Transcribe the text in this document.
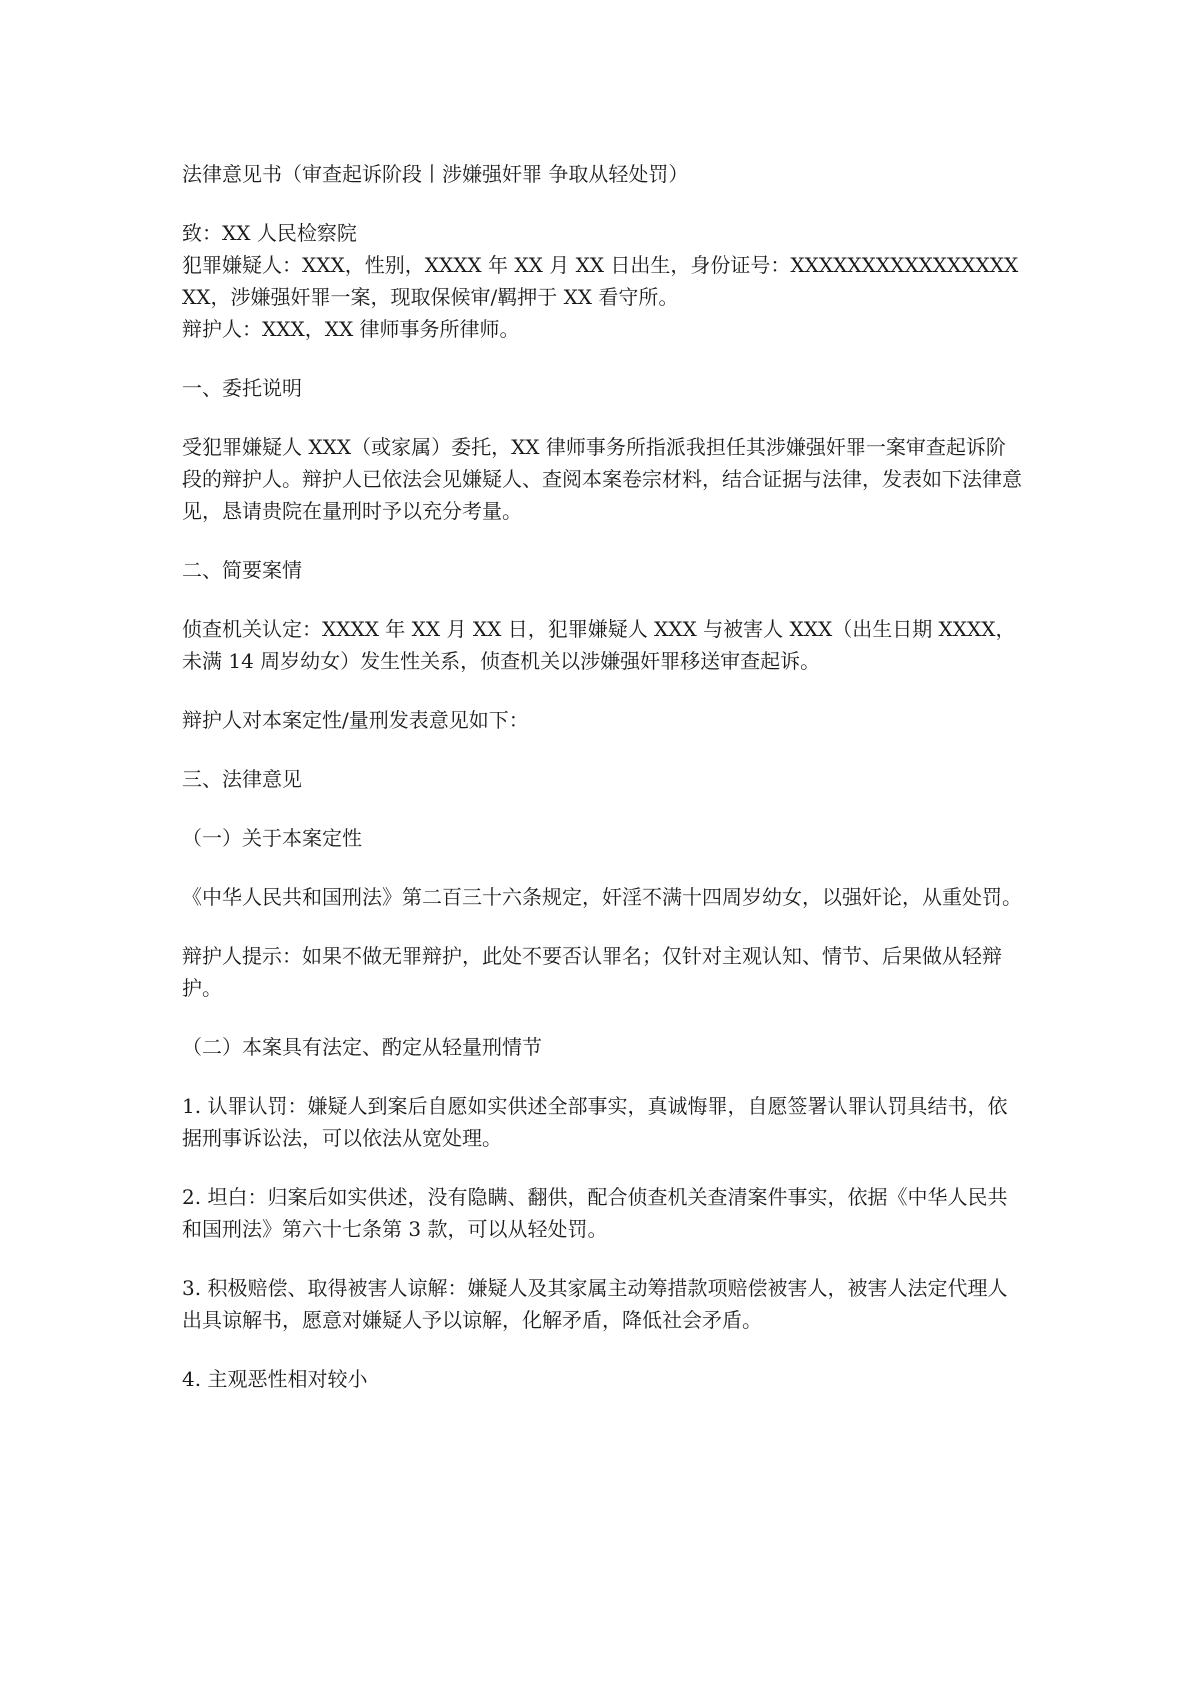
法律意见书（审查起诉阶段丨涉嫌强奸罪 争取从轻处罚）

致：XX 人民检察院

犯罪嫌疑人：XXX，性别，XXXX 年 XX 月 XX 日出生，身份证号：XXXXXXXXXXXXXXXXXX，涉嫌强奸罪一案，现取保候审/羁押于 XX 看守所。

辩护人：XXX，XX 律师事务所律师。

一、委托说明

受犯罪嫌疑人 XXX（或家属）委托，XX 律师事务所指派我担任其涉嫌强奸罪一案审查起诉阶段的辩护人。辩护人已依法会见嫌疑人、查阅本案卷宗材料，结合证据与法律，发表如下法律意见，恳请贵院在量刑时予以充分考量。

二、简要案情

侦查机关认定：XXXX 年 XX 月 XX 日，犯罪嫌疑人 XXX 与被害人 XXX（出生日期 XXXX，未满 14 周岁幼女）发生性关系，侦查机关以涉嫌强奸罪移送审查起诉。

辩护人对本案定性/量刑发表意见如下：

三、法律意见

（一）关于本案定性

《中华人民共和国刑法》第二百三十六条规定，奸淫不满十四周岁幼女，以强奸论，从重处罚。

辩护人提示：如果不做无罪辩护，此处不要否认罪名；仅针对主观认知、情节、后果做从轻辩护。

（二）本案具有法定、酌定从轻量刑情节

1. 认罪认罚：嫌疑人到案后自愿如实供述全部事实，真诚悔罪，自愿签署认罪认罚具结书，依据刑事诉讼法，可以依法从宽处理。

2. 坦白：归案后如实供述，没有隐瞒、翻供，配合侦查机关查清案件事实，依据《中华人民共和国刑法》第六十七条第 3 款，可以从轻处罚。

3. 积极赔偿、取得被害人谅解：嫌疑人及其家属主动筹措款项赔偿被害人，被害人法定代理人出具谅解书，愿意对嫌疑人予以谅解，化解矛盾，降低社会矛盾。

4. 主观恶性相对较小
